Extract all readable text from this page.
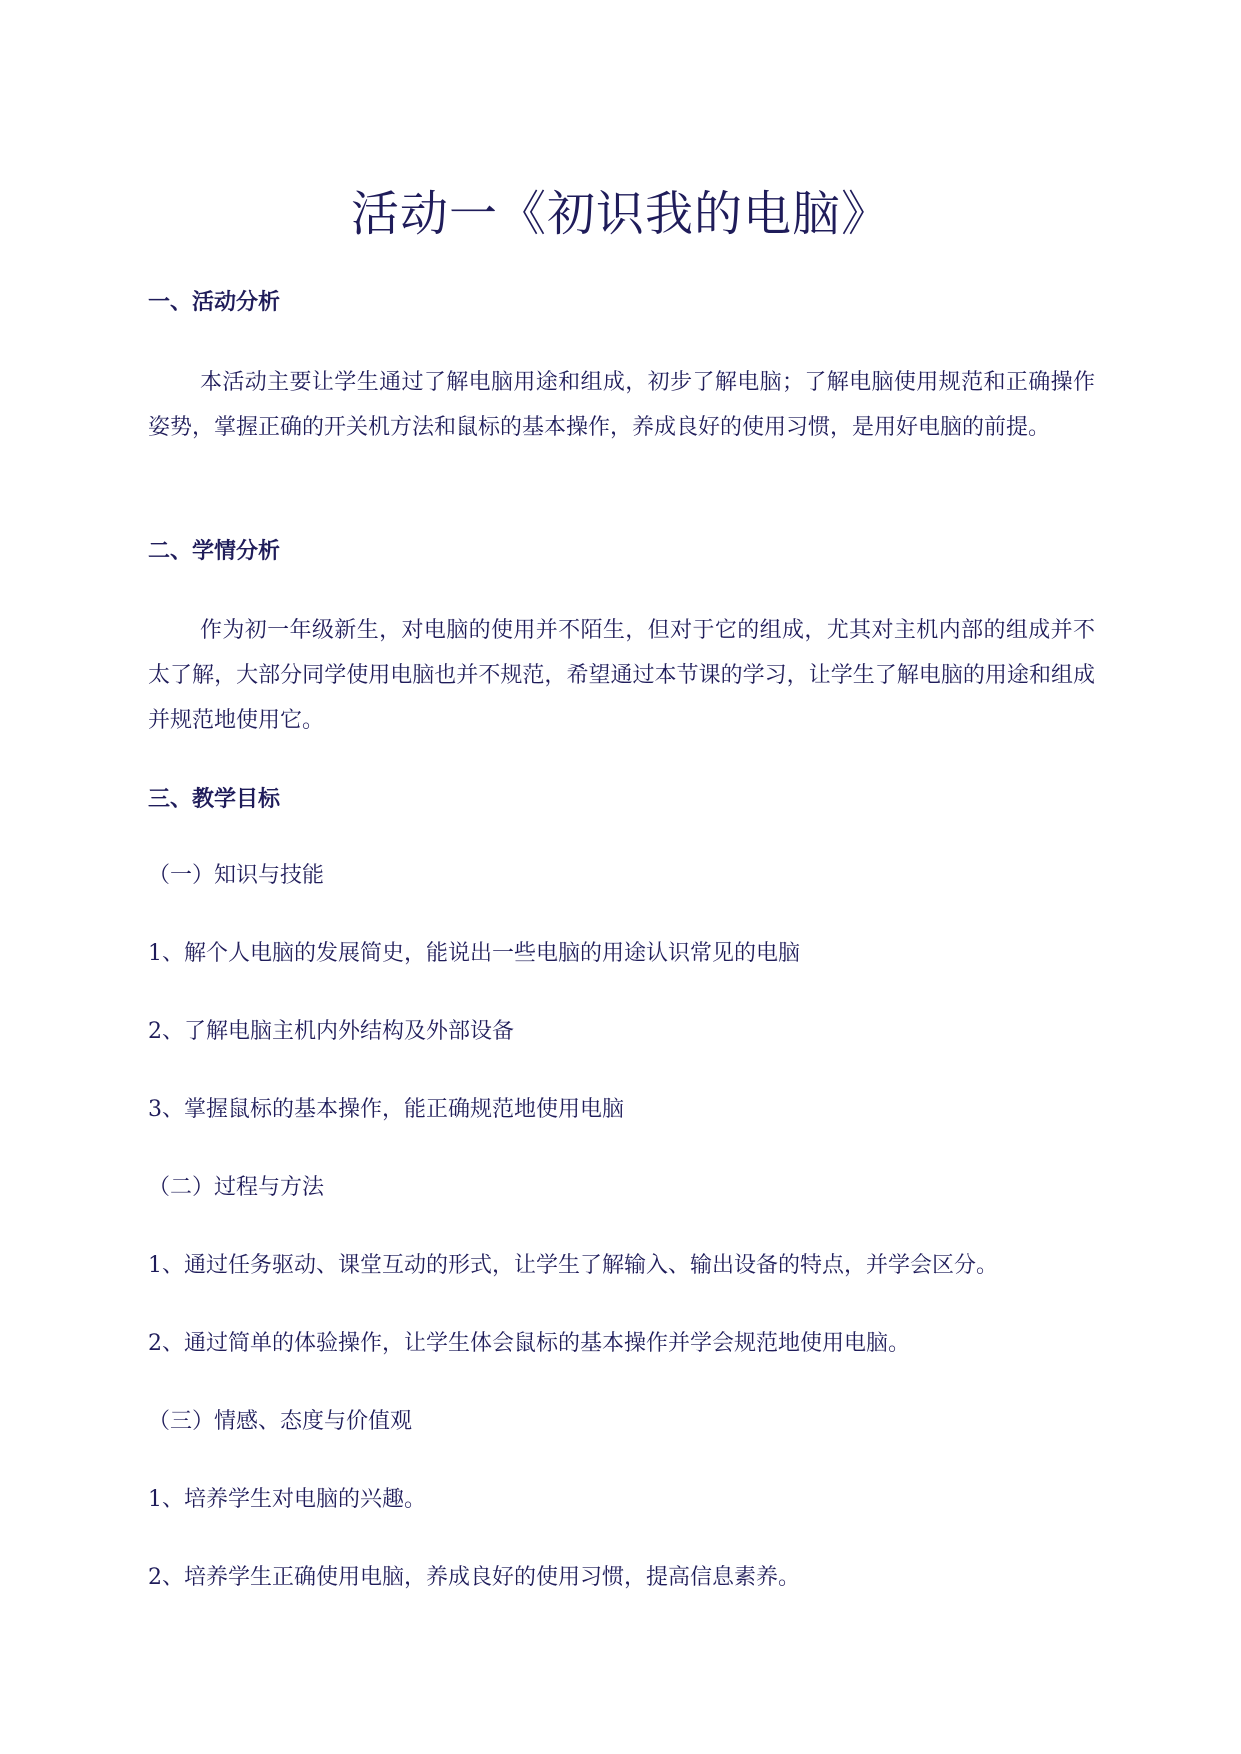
活动一《初识我的电脑》
一、活动分析
本活动主要让学生通过了解电脑用途和组成，初步了解电脑；了解电脑使用规范和正确操作姿势，掌握正确的开关机方法和鼠标的基本操作，养成良好的使用习惯，是用好电脑的前提。
二、学情分析
作为初一年级新生，对电脑的使用并不陌生，但对于它的组成，尤其对主机内部的组成并不太了解，大部分同学使用电脑也并不规范，希望通过本节课的学习，让学生了解电脑的用途和组成并规范地使用它。
三、教学目标
（一）知识与技能
1、解个人电脑的发展简史，能说出一些电脑的用途认识常见的电脑
2、了解电脑主机内外结构及外部设备
3、掌握鼠标的基本操作，能正确规范地使用电脑
（二）过程与方法
1、通过任务驱动、课堂互动的形式，让学生了解输入、输出设备的特点，并学会区分。
2、通过简单的体验操作，让学生体会鼠标的基本操作并学会规范地使用电脑。
（三）情感、态度与价值观
1、培养学生对电脑的兴趣。
2、培养学生正确使用电脑，养成良好的使用习惯，提高信息素养。
